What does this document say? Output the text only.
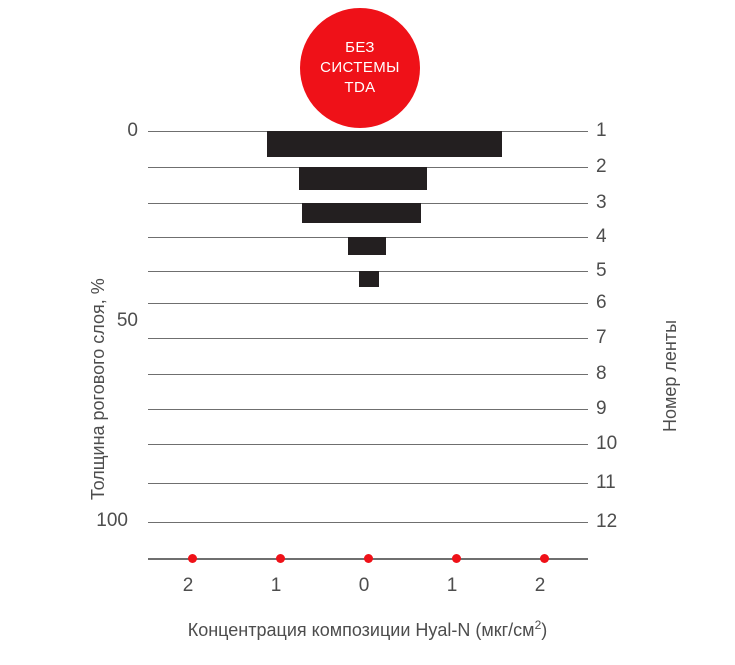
БЕЗ
СИСТЕМЫ
TDA
0
50
100
1
2
3
4
5
6
7
8
9
10
11
12
Толщина рогового слоя, %	Номер ленты
2	1	0	1	2
Концентрация композиции Hyal-N $(мкг/см^2)$
